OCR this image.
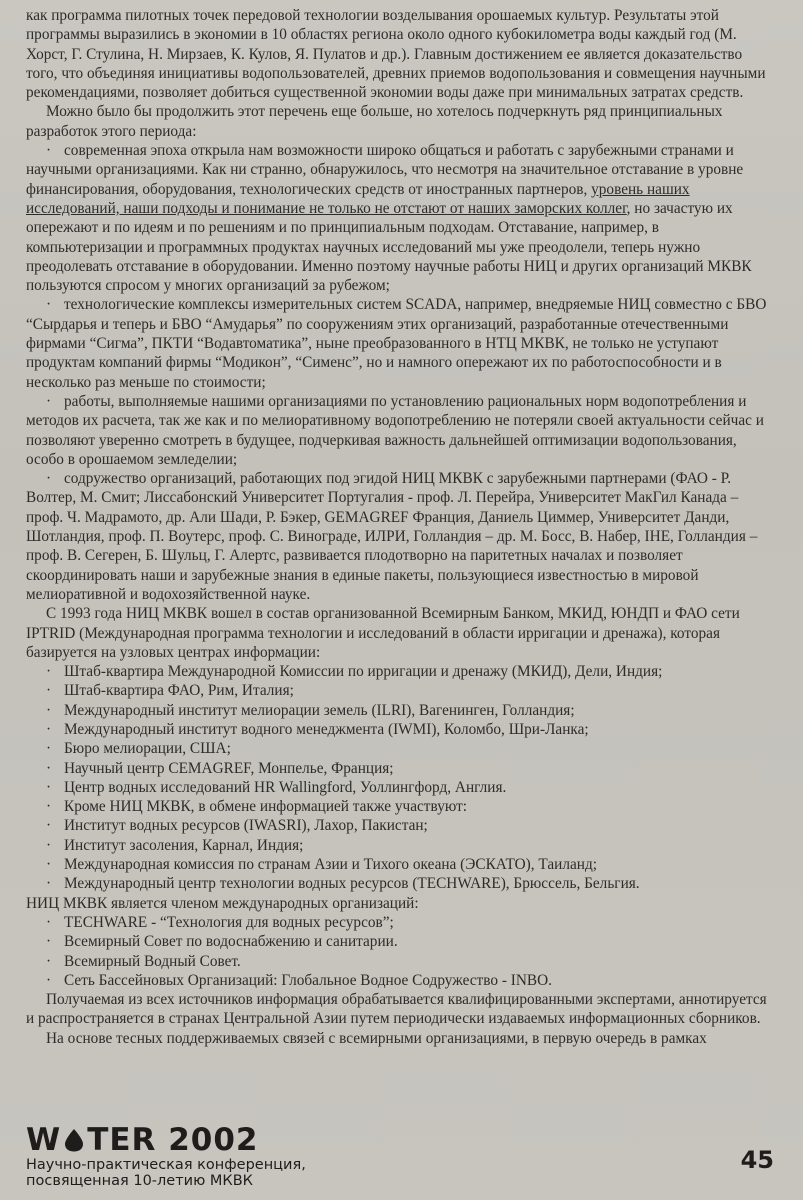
как программа пилотных точек передовой технологии возделывания орошаемых культур. Результаты этой программы выразились в экономии в 10 областях региона около одного кубокилометра воды каждый год (М. Хорст, Г. Стулина, Н. Мирзаев, К. Кулов, Я. Пулатов и др.). Главным достижением ее является доказательство того, что объединяя инициативы водопользователей, древних приемов водопользования и совмещения научными рекомендациями, позволяет добиться существенной экономии воды даже при минимальных затратах средств.

Можно было бы продолжить этот перечень еще больше, но хотелось подчеркнуть ряд принципиальных разработок этого периода:

· современная эпоха открыла нам возможности широко общаться и работать с зарубежными странами и научными организациями. Как ни странно, обнаружилось, что несмотря на значительное отставание в уровне финансирования, оборудования, технологических средств от иностранных партнеров, уровень наших исследований, наши подходы и понимание не только не отстают от наших заморских коллег, но зачастую их опережают и по идеям и по решениям и по принципиальным подходам. Отставание, например, в компьютеризации и программных продуктах научных исследований мы уже преодолели, теперь нужно преодолевать отставание в оборудовании. Именно поэтому научные работы НИЦ и других организаций МКВК пользуются спросом у многих организаций за рубежом;

· технологические комплексы измерительных систем SCADA, например, внедряемые НИЦ совместно с БВО “Сырдарья и теперь и БВО “Амударья” по сооружениям этих организаций, разработанные отечественными фирмами “Сигма”, ПКТИ “Водавтоматика”, ныне преобразованного в НТЦ МКВК, не только не уступают продуктам компаний фирмы “Модикон”, “Сименс”, но и намного опережают их по работоспособности и в несколько раз меньше по стоимости;

· работы, выполняемые нашими организациями по установлению рациональных норм водопотребления и методов их расчета, так же как и по мелиоративному водопотреблению не потеряли своей актуальности сейчас и позволяют уверенно смотреть в будущее, подчеркивая важность дальнейшей оптимизации водопользования, особо в орошаемом земледелии;

· содружество организаций, работающих под эгидой НИЦ МКВК с зарубежными партнерами (ФАО - Р. Волтер, М. Смит; Лиссабонский Университет Португалия - проф. Л. Перейра, Университет МакГил Канада – проф. Ч. Мадрамото, др. Али Шади, Р. Бэкер, GEMAGREF Франция, Даниель Циммер, Университет Данди, Шотландия, проф. П. Воутерс, проф. С. Винограде, ИЛРИ, Голландия – др. М. Босс, В. Набер, IHE, Голландия – проф. В. Сегерен, Б. Шульц, Г. Алертс, развивается плодотворно на паритетных началах и позволяет скоординировать наши и зарубежные знания в единые пакеты, пользующиеся известностью в мировой мелиоративной и водохозяйственной науке.

С 1993 года НИЦ МКВК вошел в состав организованной Всемирным Банком, МКИД, ЮНДП и ФАО сети IPTRID (Международная программа технологии и исследований в области ирригации и дренажа), которая базируется на узловых центрах информации:

· Штаб-квартира Международной Комиссии по ирригации и дренажу (МКИД), Дели, Индия;
· Штаб-квартира ФАО, Рим, Италия;
· Международный институт мелиорации земель (ILRI), Вагенинген, Голландия;
· Международный институт водного менеджмента (IWMI), Коломбо, Шри-Ланка;
· Бюро мелиорации, США;
· Научный центр CEMAGREF, Монпелье, Франция;
· Центр водных исследований HR Wallingford, Уоллингфорд, Англия.
· Кроме НИЦ МКВК, в обмене информацией также участвуют:
· Институт водных ресурсов (IWASRI), Лахор, Пакистан;
· Институт засоления, Карнал, Индия;
· Международная комиссия по странам Азии и Тихого океана (ЭСКАТО), Таиланд;
· Международный центр технологии водных ресурсов (TECHWARE), Брюссель, Бельгия.

НИЦ МКВК является членом международных организаций:

· TECHWARE - “Технология для водных ресурсов”;
· Всемирный Совет по водоснабжению и санитарии.
· Всемирный Водный Совет.
· Сеть Бассейновых Организаций: Глобальное Водное Содружество - INBO.

Получаемая из всех источников информация обрабатывается квалифицированными экспертами, аннотируется и распространяется в странах Центральной Азии путем периодически издаваемых информационных сборников.

На основе тесных поддерживаемых связей с всемирными организациями, в первую очередь в рамках

W TER 2002
Научно-практическая конференция,
посвященная 10-летию МКВК
45
